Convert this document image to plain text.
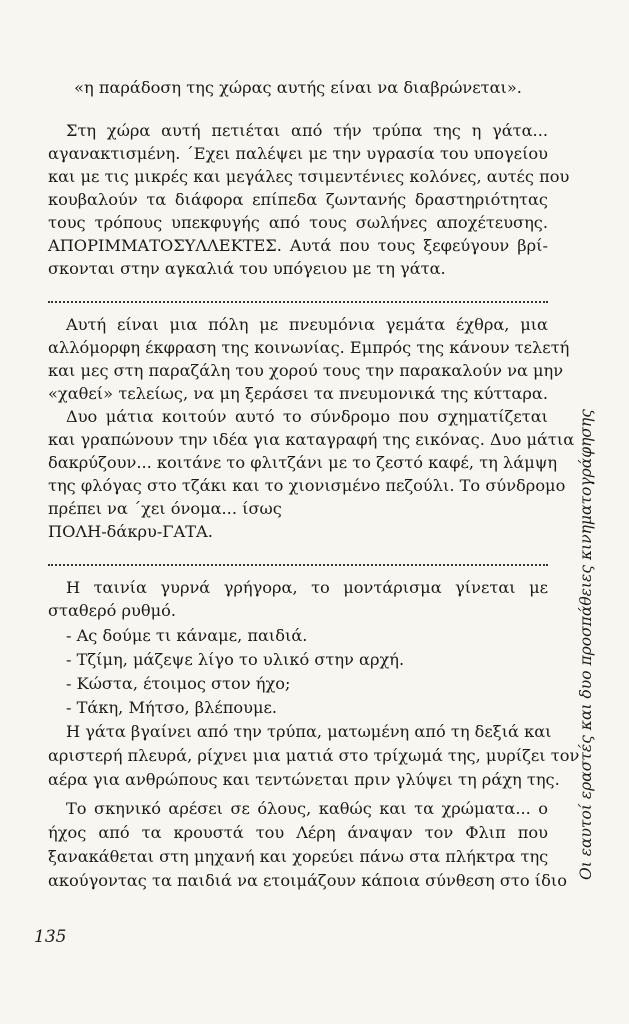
«η παράδοση της χώρας αυτής είναι να διαβρώνεται».
Στη χώρα αυτή πετιέται από τήν τρύπα της η γάτα...
αγανακτισμένη. ΄Εχει παλέψει με την υγρασία του υπογείου
και με τις μικρές και μεγάλες τσιμεντένιες κολόνες, αυτές που
κουβαλούν τα διάφορα επίπεδα ζωντανής δραστηριότητας
τους τρόπους υπεκφυγής από τους σωλήνες αποχέτευσης.
ΑΠΟΡΙΜΜΑΤΟΣΥΛΛΕΚΤΕΣ. Αυτά που τους ξεφεύγουν βρί-
σκονται στην αγκαλιά του υπόγειου με τη γάτα.
Αυτή είναι μια πόλη με πνευμόνια γεμάτα έχθρα, μια
αλλόμορφη έκφραση της κοινωνίας. Εμπρός της κάνουν τελετή
και μες στη παραζάλη του χορού τους την παρακαλούν να μην
«χαθεί» τελείως, να μη ξεράσει τα πνευμονικά της κύτταρα.
Δυο μάτια κοιτούν αυτό το σύνδρομο που σχηματίζεται
και γραπώνουν την ιδέα για καταγραφή της εικόνας. Δυο μάτια
δακρύζουν... κοιτάνε το φλιτζάνι με το ζεστό καφέ, τη λάμψη
της φλόγας στο τζάκι και το χιονισμένο πεζούλι. Το σύνδρομο
πρέπει να ΄χει όνομα... ίσως
ΠΟΛΗ-δάκρυ-ΓΑΤΑ.
Η ταινία γυρνά γρήγορα, το μοντάρισμα γίνεται με
σταθερό ρυθμό.
- Ας δούμε τι κάναμε, παιδιά.
- Τζίμη, μάζεψε λίγο το υλικό στην αρχή.
- Κώστα, έτοιμος στον ήχο;
- Τάκη, Μήτσο, βλέπουμε.
Η γάτα βγαίνει από την τρύπα, ματωμένη από τη δεξιά και
αριστερή πλευρά, ρίχνει μια ματιά στο τρίχωμά της, μυρίζει τον
αέρα για ανθρώπους και τεντώνεται πριν γλύψει τη ράχη της.
Το σκηνικό αρέσει σε όλους, καθώς και τα χρώματα... ο
ήχος από τα κρουστά του Λέρη άναψαν τον Φλιπ που
ξανακάθεται στη μηχανή και χορεύει πάνω στα πλήκτρα της
ακούγοντας τα παιδιά να ετοιμάζουν κάποια σύνθεση στο ίδιο
135
Οι εαυτοί εραστές και δυο προσπάθειες κινηματογράφησης
